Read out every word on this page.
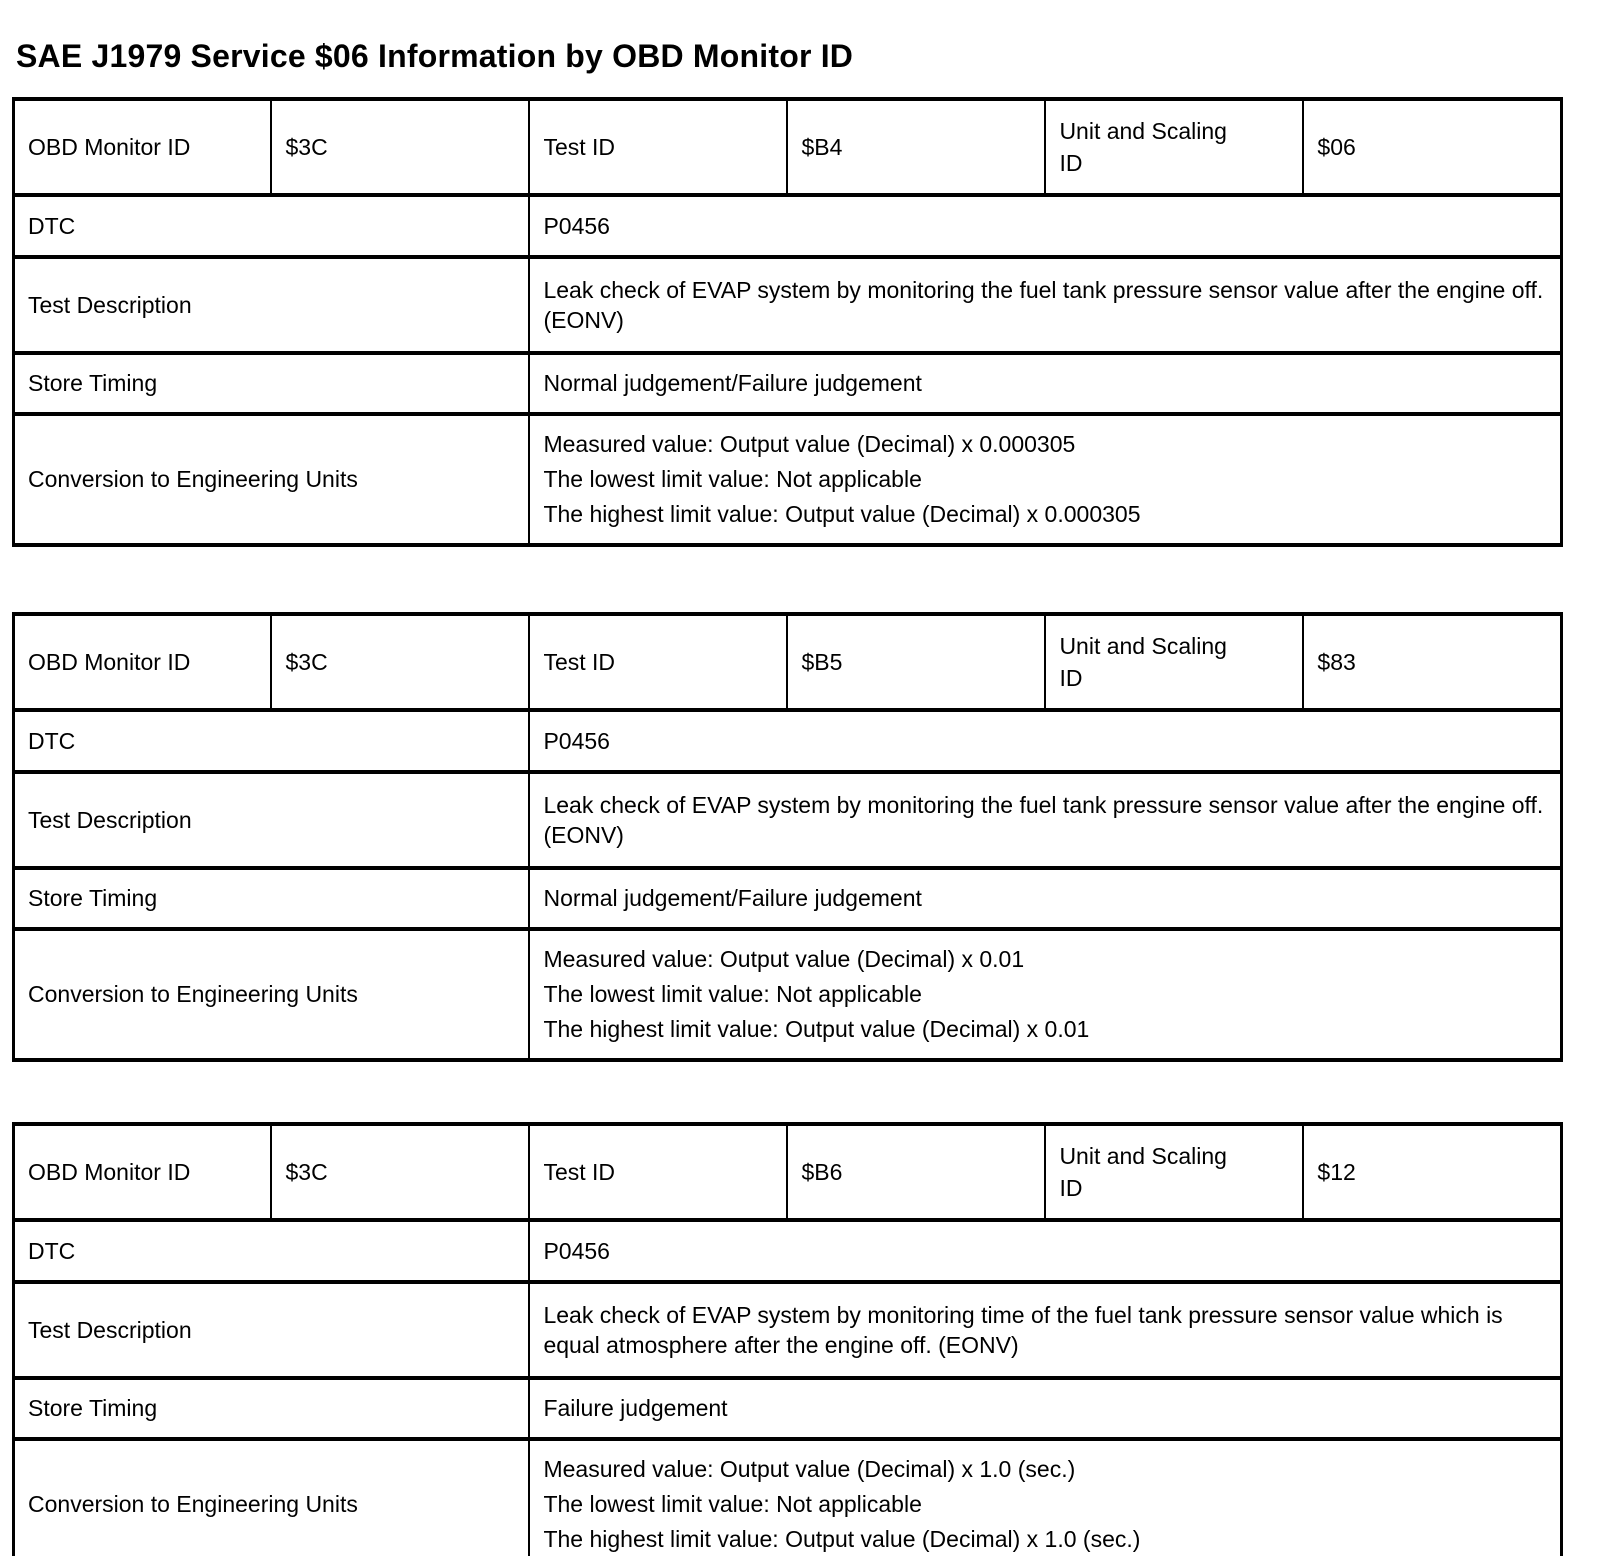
SAE J1979 Service $06 Information by OBD Monitor ID
OBD Monitor ID	$3C	Test ID	$B4	Unit and Scaling ID	$06
DTC		P0456			
Test Description		Leak check of EVAP system by monitoring the fuel tank pressure sensor value after the engine off. (EONV)			
Store Timing		Normal judgement/Failure judgement			
Conversion to Engineering Units		Measured value: Output value (Decimal) x 0.000305
The lowest limit value: Not applicable
The highest limit value: Output value (Decimal) x 0.000305			
OBD Monitor ID	$3C	Test ID	$B5	Unit and Scaling ID	$83
DTC		P0456			
Test Description		Leak check of EVAP system by monitoring the fuel tank pressure sensor value after the engine off. (EONV)			
Store Timing		Normal judgement/Failure judgement			
Conversion to Engineering Units		Measured value: Output value (Decimal) x 0.01
The lowest limit value: Not applicable
The highest limit value: Output value (Decimal) x 0.01			
OBD Monitor ID	$3C	Test ID	$B6	Unit and Scaling ID	$12
DTC		P0456			
Test Description		Leak check of EVAP system by monitoring time of the fuel tank pressure sensor value which is equal atmosphere after the engine off. (EONV)			
Store Timing		Failure judgement			
Conversion to Engineering Units		Measured value: Output value (Decimal) x 1.0 (sec.)
The lowest limit value: Not applicable
The highest limit value: Output value (Decimal) x 1.0 (sec.)			
